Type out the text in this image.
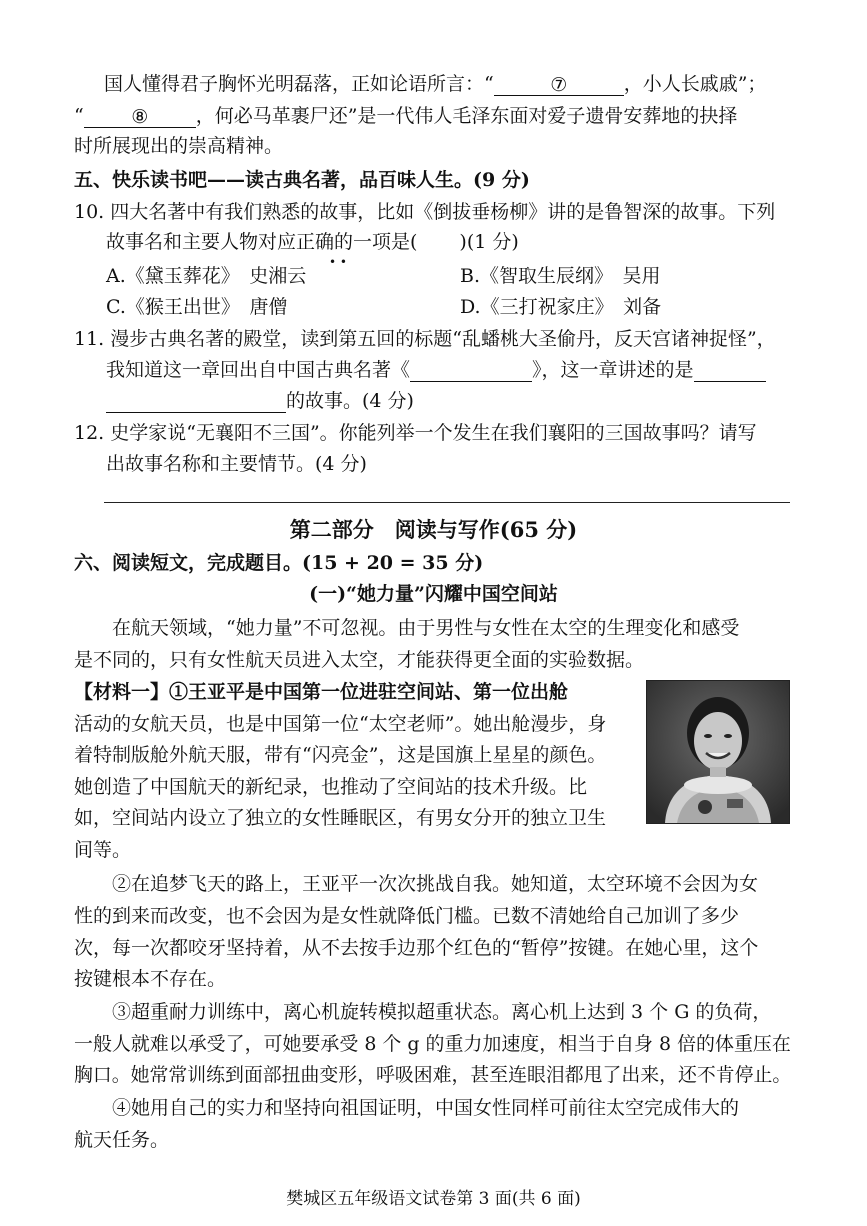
国人懂得君子胸怀光明磊落，正如论语所言：“	⑦	，小人长戚戚”；
“ ⑧ ，何必马革裹尸还”是一代伟人毛泽东面对爱子遗骨安葬地的抉择
时所展现出的崇高精神。
五、快乐读书吧——读古典名著，品百味人生。(9 分)
10. 四大名著中有我们熟悉的故事，比如《倒拔垂杨柳》讲的是鲁智深的故事。下列
故事名和主要人物对应正确的一项是( )(1 分)
• •
A.《黛玉葬花》　史湘云	B.《智取生辰纲》　吴用
C.《猴王出世》　唐僧	D.《三打祝家庄》　刘备
11. 漫步古典名著的殿堂，读到第五回的标题“乱蟠桃大圣偷丹，反天宫诸神捉怪”，
我知道这一章回出自中国古典名著《	》，这一章讲述的是
的故事。(4 分)
12. 史学家说“无襄阳不三国”。你能列举一个发生在我们襄阳的三国故事吗？请写
出故事名称和主要情节。(4 分)
第二部分　阅读与写作(65 分)
六、阅读短文，完成题目。(15 + 20 = 35 分)
(一)“她力量”闪耀中国空间站
在航天领域，“她力量”不可忽视。由于男性与女性在太空的生理变化和感受
是不同的，只有女性航天员进入太空，才能获得更全面的实验数据。
【材料一】①王亚平是中国第一位进驻空间站、第一位出舱
活动的女航天员，也是中国第一位“太空老师”。她出舱漫步，身
着特制版舱外航天服，带有“闪亮金”，这是国旗上星星的颜色。
她创造了中国航天的新纪录，也推动了空间站的技术升级。比
如，空间站内设立了独立的女性睡眠区，有男女分开的独立卫生
间等。
②在追梦飞天的路上，王亚平一次次挑战自我。她知道，太空环境不会因为女
性的到来而改变，也不会因为是女性就降低门槛。已数不清她给自己加训了多少
次，每一次都咬牙坚持着，从不去按手边那个红色的“暂停”按键。在她心里，这个
按键根本不存在。
③超重耐力训练中，离心机旋转模拟超重状态。离心机上达到 3 个 G 的负荷，
一般人就难以承受了，可她要承受 8 个 g 的重力加速度，相当于自身 8 倍的体重压在
胸口。她常常训练到面部扭曲变形，呼吸困难，甚至连眼泪都甩了出来，还不肯停止。
④她用自己的实力和坚持向祖国证明，中国女性同样可前往太空完成伟大的
航天任务。
樊城区五年级语文试卷第 3 面(共 6 面)
